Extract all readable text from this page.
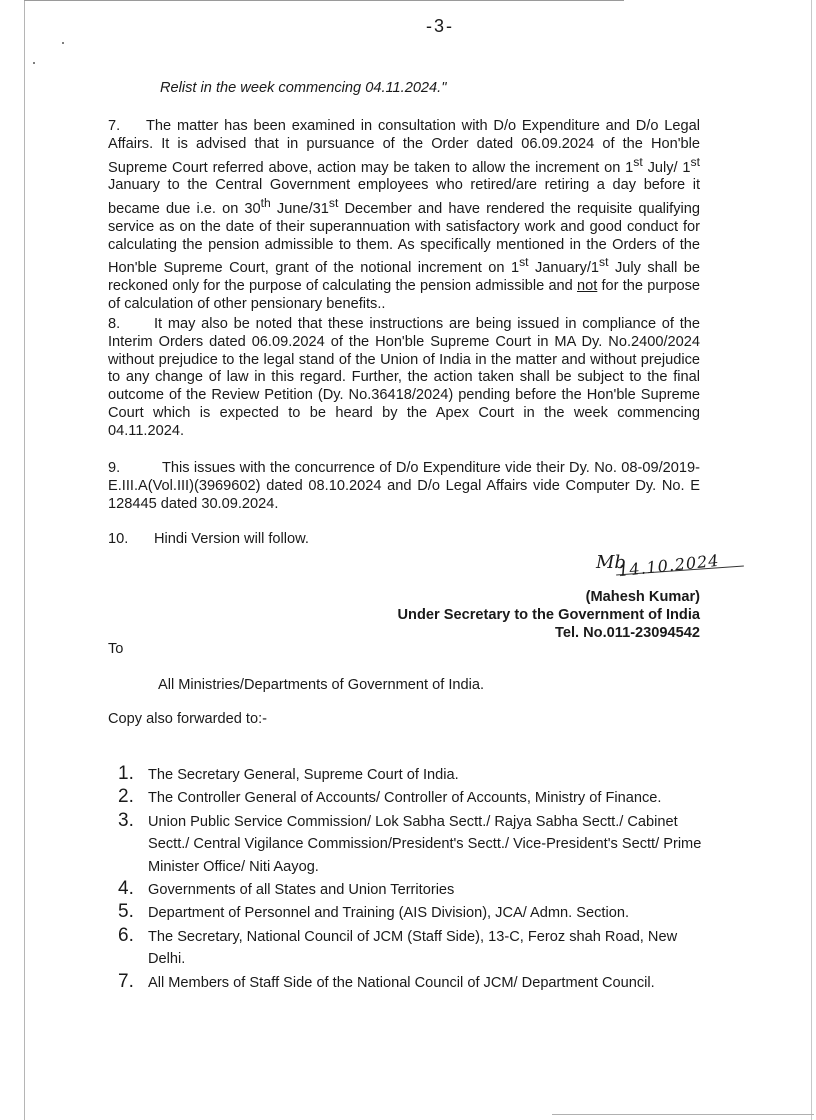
-3-
Relist in the week commencing 04.11.2024."
7. The matter has been examined in consultation with D/o Expenditure and D/o Legal Affairs. It is advised that in pursuance of the Order dated 06.09.2024 of the Hon'ble Supreme Court referred above, action may be taken to allow the increment on 1st July/ 1st January to the Central Government employees who retired/are retiring a day before it became due i.e. on 30th June/31st December and have rendered the requisite qualifying service as on the date of their superannuation with satisfactory work and good conduct for calculating the pension admissible to them. As specifically mentioned in the Orders of the Hon'ble Supreme Court, grant of the notional increment on 1st January/1st July shall be reckoned only for the purpose of calculating the pension admissible and not for the purpose of calculation of other pensionary benefits..
8. It may also be noted that these instructions are being issued in compliance of the Interim Orders dated 06.09.2024 of the Hon'ble Supreme Court in MA Dy. No.2400/2024 without prejudice to the legal stand of the Union of India in the matter and without prejudice to any change of law in this regard. Further, the action taken shall be subject to the final outcome of the Review Petition (Dy. No.36418/2024) pending before the Hon'ble Supreme Court which is expected to be heard by the Apex Court in the week commencing 04.11.2024.
9.	This issues with the concurrence of D/o Expenditure vide their Dy. No. 08-09/2019-E.III.A(Vol.III)(3969602) dated 08.10.2024 and D/o Legal Affairs vide Computer Dy. No. E 128445 dated 30.09.2024.
10. Hindi Version will follow.
Mb
14.10.2024
(Mahesh Kumar)
Under Secretary to the Government of India
Tel. No.011-23094542
To
All Ministries/Departments of Government of India.
Copy also forwarded to:-
1. The Secretary General, Supreme Court of India.
2. The Controller General of Accounts/ Controller of Accounts, Ministry of Finance.
3. Union Public Service Commission/ Lok Sabha Sectt./ Rajya Sabha Sectt./ Cabinet Sectt./ Central Vigilance Commission/President's Sectt./ Vice-President's Sectt/ Prime Minister Office/ Niti Aayog.
4. Governments of all States and Union Territories
5. Department of Personnel and Training (AIS Division), JCA/ Admn. Section.
6. The Secretary, National Council of JCM (Staff Side), 13-C, Feroz shah Road, New Delhi.
7. All Members of Staff Side of the National Council of JCM/ Department Council.
